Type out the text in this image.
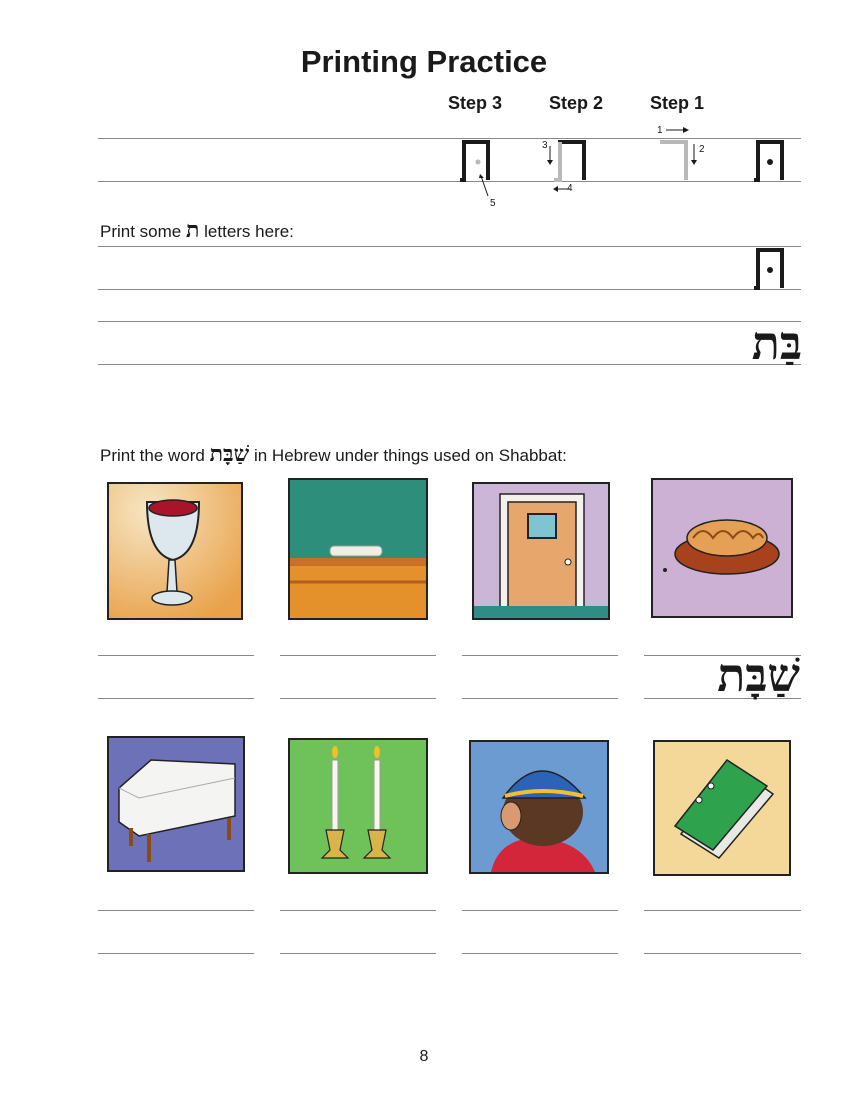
Printing Practice
Step 3	Step 2	Step 1
5
3
4
1
2
Print some ת letters here:
בַּת
Print the word שַׁבָּת in Hebrew under things used on Shabbat:
שַׁבָּת
8
